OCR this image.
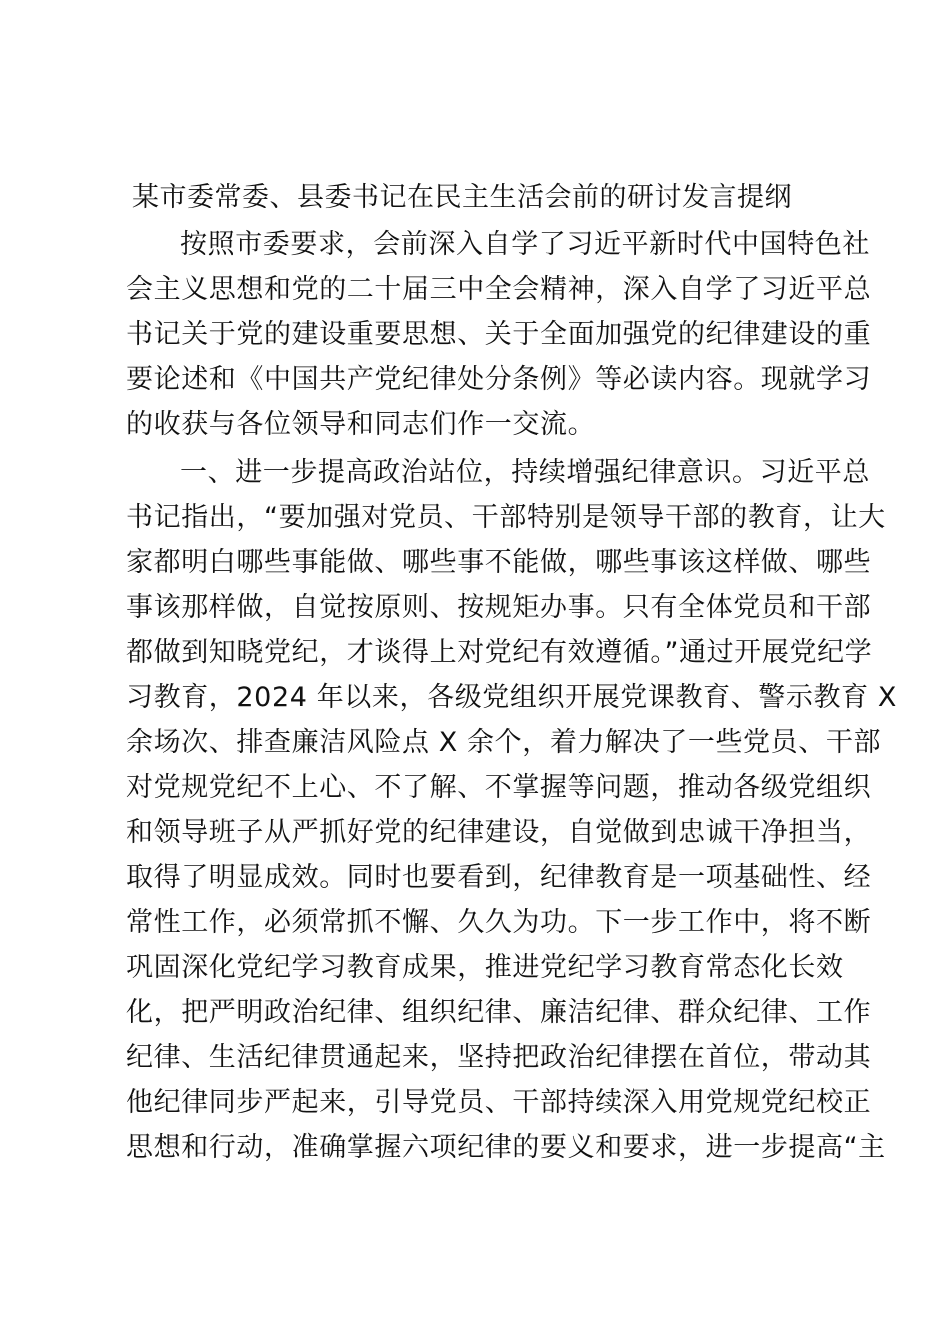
某市委常委、县委书记在民主生活会前的研讨发言提纲
按照市委要求，会前深入自学了习近平新时代中国特色社
会主义思想和党的二十届三中全会精神，深入自学了习近平总
书记关于党的建设重要思想、关于全面加强党的纪律建设的重
要论述和《中国共产党纪律处分条例》等必读内容。现就学习
的收获与各位领导和同志们作一交流。
一、进一步提高政治站位，持续增强纪律意识。习近平总
书记指出，“要加强对党员、干部特别是领导干部的教育，让大
家都明白哪些事能做、哪些事不能做，哪些事该这样做、哪些
事该那样做，自觉按原则、按规矩办事。只有全体党员和干部
都做到知晓党纪，才谈得上对党纪有效遵循。”通过开展党纪学
习教育，2024 年以来，各级党组织开展党课教育、警示教育 X
余场次、排查廉洁风险点 X 余个，着力解决了一些党员、干部
对党规党纪不上心、不了解、不掌握等问题，推动各级党组织
和领导班子从严抓好党的纪律建设，自觉做到忠诚干净担当，
取得了明显成效。同时也要看到，纪律教育是一项基础性、经
常性工作，必须常抓不懈、久久为功。下一步工作中，将不断
巩固深化党纪学习教育成果，推进党纪学习教育常态化长效
化，把严明政治纪律、组织纪律、廉洁纪律、群众纪律、工作
纪律、生活纪律贯通起来，坚持把政治纪律摆在首位，带动其
他纪律同步严起来，引导党员、干部持续深入用党规党纪校正
思想和行动，准确掌握六项纪律的要义和要求，进一步提高“主
